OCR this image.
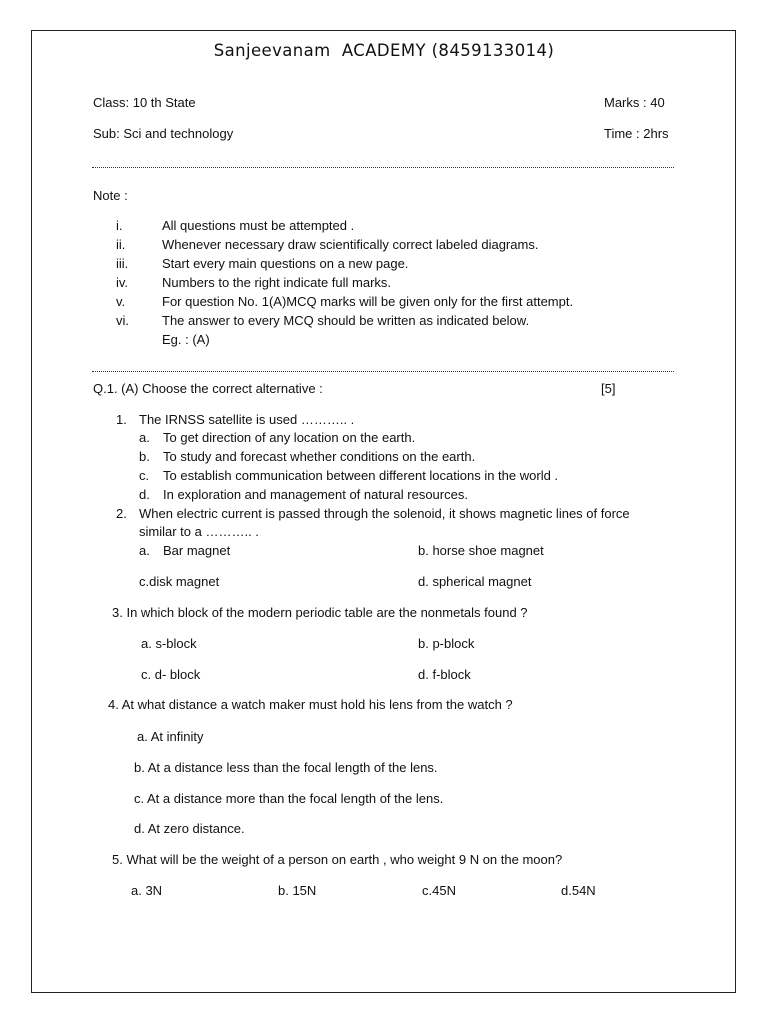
Sanjeevanam  ACADEMY (8459133014)
Class: 10 th State	Marks : 40
Sub: Sci and technology	Time : 2hrs
Note :
i.	All questions must be attempted .
ii.	Whenever necessary draw scientifically correct labeled diagrams.
iii.	Start every main questions on a new page.
iv.	Numbers to the right indicate full marks.
v.	For question No. 1(A)MCQ marks will be given only for the first attempt.
vi.	The answer to every MCQ should be written as indicated below.
Eg. : (A)
Q.1. (A) Choose the correct alternative :	[5]
1. The IRNSS satellite is used ……….. .
a. To get direction of any location on the earth.
b. To study and forecast whether conditions on the earth.
c. To establish communication between different locations in the world .
d. In exploration and management of natural resources.
2. When electric current is passed through the solenoid, it shows magnetic lines of force
similar to a ……….. .
a. Bar magnet	b. horse shoe magnet
c.disk magnet	d. spherical magnet
3. In which block of the modern periodic table are the nonmetals found ?
a. s-block	b. p-block
c. d- block	d. f-block
4. At what distance a watch maker must hold his lens from the watch ?
a. At infinity
b. At a distance less than the focal length of the lens.
c. At a distance more than the focal length of the lens.
d. At zero distance.
5. What will be the weight of a person on earth , who weight 9 N on the moon?
a. 3N	b. 15N	c.45N	d.54N
